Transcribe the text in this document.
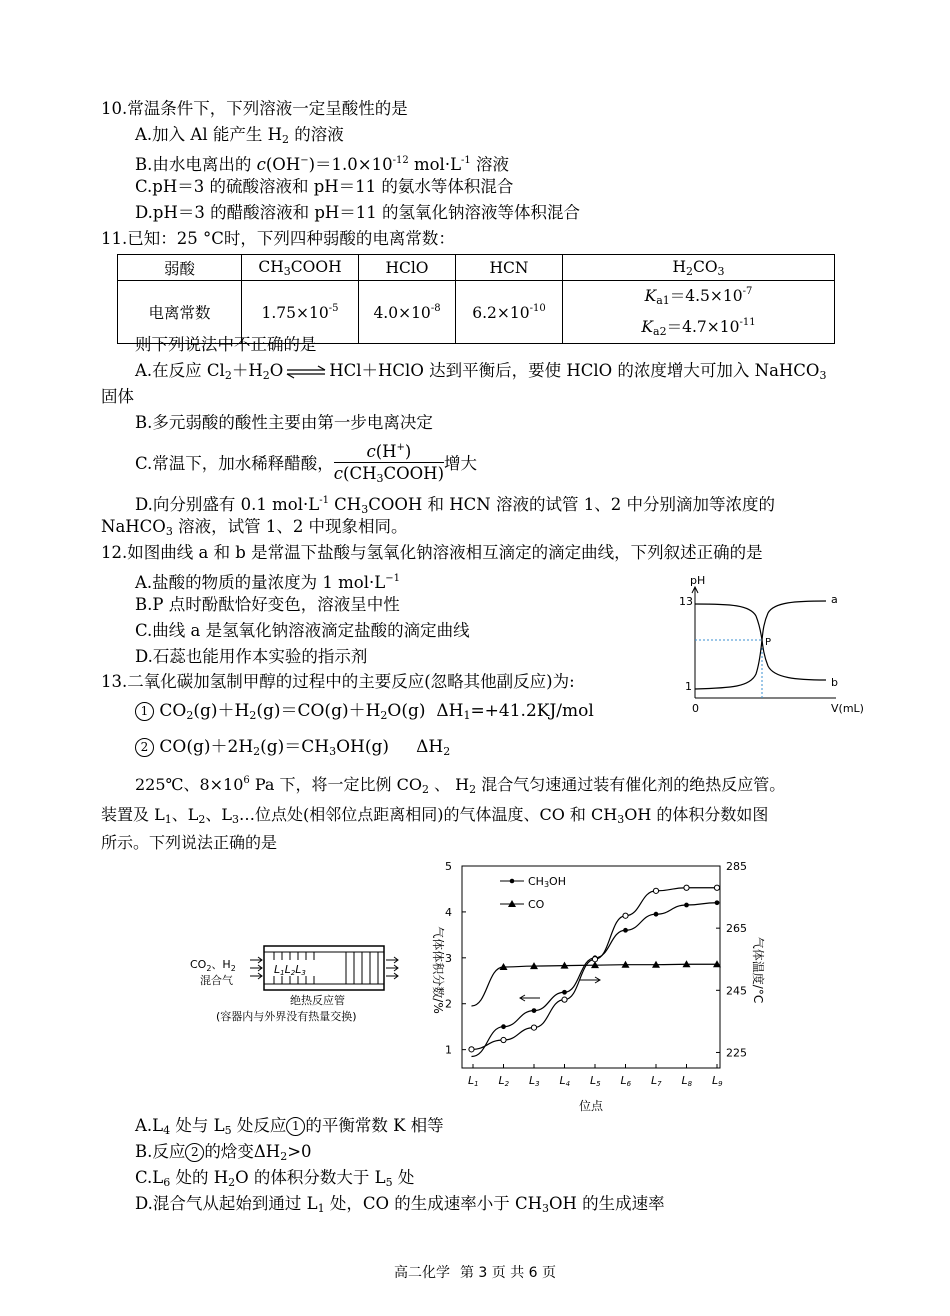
10.常温条件下，下列溶液一定呈酸性的是
A.加入 Al 能产生 $H_2$ 的溶液
B.由水电离出的 $c(OH^-)=1.0\times 10^{-12}$ $mol\cdot L^{-1}$ 溶液
C.pH＝3 的硫酸溶液和 pH＝11 的氨水等体积混合
D.pH＝3 的醋酸溶液和 pH＝11 的氢氧化钠溶液等体积混合
11.已知：25 °C时，下列四种弱酸的电离常数：
弱酸	$CH_3COOH$	HClO	HCN	$H_2CO_3$
电离常数	$1.75\times 10^{-5}$	$4.0\times 10^{-8}$	$6.2\times 10^{-10}$	$K_{a1}=4.5\times 10^{-7}$
$K_{a2}=4.7\times 10^{-11}$
则下列说法中不正确的是
A.在反应 $Cl_2+H_2O$ ⇌ HCl＋HClO 达到平衡后，要使 HClO 的浓度增大可加入 NaHCO$_3$
固体
B.多元弱酸的酸性主要由第一步电离决定
C.常温下，加水稀释醋酸， $\frac{c(H^+)}{c(CH_3COOH)}$ 增大
D.向分别盛有 0.1 $mol\cdot L^{-1}$ $CH_3COOH$ 和 HCN 溶液的试管 1、2 中分别滴加等浓度的
NaHCO$_3$ 溶液，试管 1、2 中现象相同。
12.如图曲线 a 和 b 是常温下盐酸与氢氧化钠溶液相互滴定的滴定曲线，下列叙述正确的是
A.盐酸的物质的量浓度为 1 $mol\cdot L^{-1}$
B.P 点时酚酞恰好变色，溶液呈中性
C.曲线 a 是氢氧化钠溶液滴定盐酸的滴定曲线
D.石蕊也能用作本实验的指示剂
pH
13
1
0	V(mL)
a
b
P
13.二氧化碳加氢制甲醇的过程中的主要反应(忽略其他副反应)为:
1 $CO_2(g)+H_2(g)=CO(g)+H_2O(g)$ $\Delta H_1=+41.2KJ$/mol
2 $CO(g)+2H_2(g)=CH_3OH(g)$ $\Delta H_2$
225℃、$8\times 10^6$ Pa 下，将一定比例 $CO_2$ 、 $H_2$ 混合气匀速通过装有催化剂的绝热反应管。
装置及 $L_1$、$L_2$、$L_3\dots$位点处(相邻位点距离相同)的气体温度、CO 和 $CH_3OH$ 的体积分数如图
所示。下列说法正确的是
$CO_2$、$H_2$
混合气
L1L2L3
绝热反应管
(容器内与外界没有热量交换)
气体体积分数/%	气体温度/°C
位点
CH3OH
CO
1
2
3
4
5
225
245
265
285
L1 L2 L3 L4 L5 L6 L7 L8 L9
$A.L_4$ 处与 $L_5$ 处反应 1 的平衡常数 K 相等
B.反应 2 的焓变$\Delta H_2>0$
$C.L_6$ 处的 $H_2O$ 的体积分数大于 $L_5$ 处
D.混合气从起始到通过 $L_1$ 处，CO 的生成速率小于 $CH_3OH$ 的生成速率
高二化学 第 3 页 共 6 页
